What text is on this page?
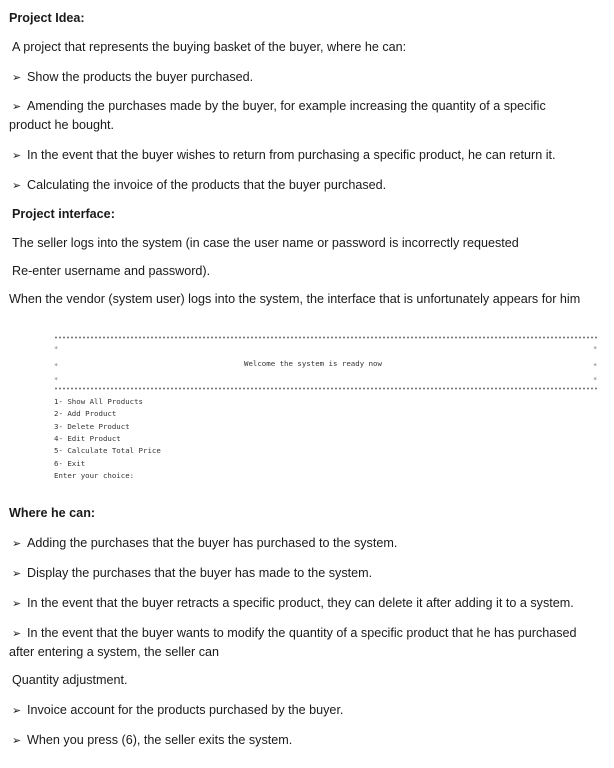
Project Idea:
A project that represents the buying basket of the buyer, where he can:
➢ Show the products the buyer purchased.
➢ Amending the purchases made by the buyer, for example increasing the quantity of a specific
product he bought.
➢ In the event that the buyer wishes to return from purchasing a specific product, he can return it.
➢ Calculating the invoice of the products that the buyer purchased.
Project interface:
The seller logs into the system (in case the user name or password is incorrectly requested
Re-enter username and password).
When the vendor (system user) logs into the system, the interface that is unfortunately appears for him
*	*
Welcome the system is ready now
*	*
*	*
1- Show All Products
2- Add Product
3- Delete Product
4- Edit Product
5- Calculate Total Price
6- Exit
Enter your choice:
Where he can:
➢ Adding the purchases that the buyer has purchased to the system.
➢ Display the purchases that the buyer has made to the system.
➢ In the event that the buyer retracts a specific product, they can delete it after adding it to a system.
➢ In the event that the buyer wants to modify the quantity of a specific product that he has purchased
after entering a system, the seller can
Quantity adjustment.
➢ Invoice account for the products purchased by the buyer.
➢ When you press (6), the seller exits the system.
